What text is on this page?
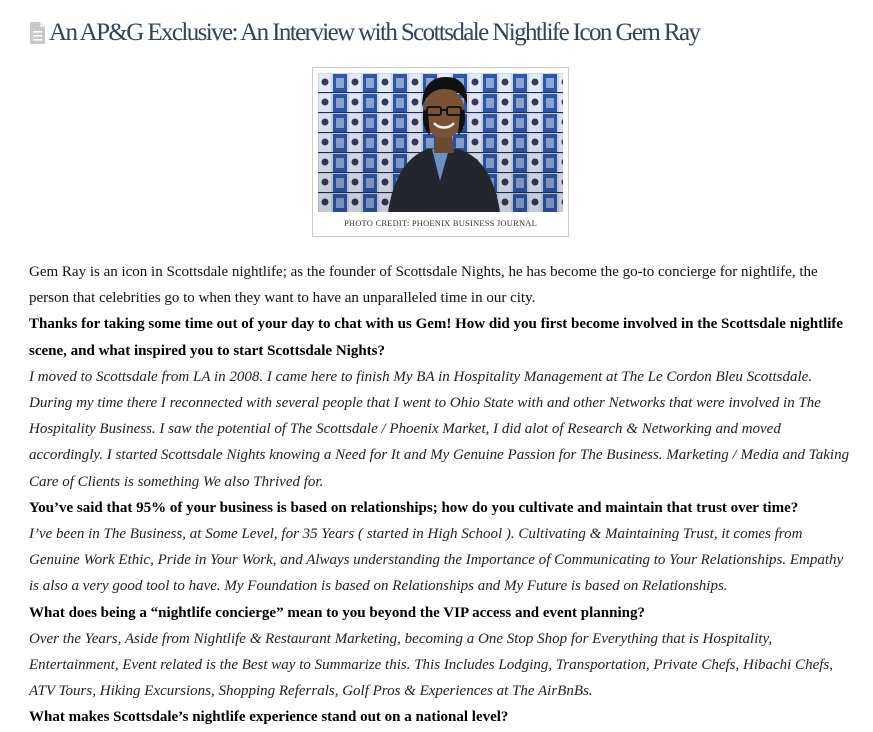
An AP&G Exclusive: An Interview with Scottsdale Nightlife Icon Gem Ray
PHOTO CREDIT: PHOENIX BUSINESS JOURNAL

Gem Ray is an icon in Scottsdale nightlife; as the founder of Scottsdale Nights, he has become the go-to concierge for nightlife, the person that celebrities go to when they want to have an unparalleled time in our city.

Thanks for taking some time out of your day to chat with us Gem! How did you first become involved in the Scottsdale nightlife scene, and what inspired you to start Scottsdale Nights?

I moved to Scottsdale from LA in 2008. I came here to finish My BA in Hospitality Management at The Le Cordon Bleu Scottsdale. During my time there I reconnected with several people that I went to Ohio State with and other Networks that were involved in The Hospitality Business. I saw the potential of The Scottsdale / Phoenix Market, I did alot of Research & Networking and moved accordingly. I started Scottsdale Nights knowing a Need for It and My Genuine Passion for The Business. Marketing / Media and Taking Care of Clients is something We also Thrived for.

You’ve said that 95% of your business is based on relationships; how do you cultivate and maintain that trust over time?

I’ve been in The Business, at Some Level, for 35 Years ( started in High School ). Cultivating & Maintaining Trust, it comes from Genuine Work Ethic, Pride in Your Work, and Always understanding the Importance of Communicating to Your Relationships. Empathy is also a very good tool to have. My Foundation is based on Relationships and My Future is based on Relationships.

What does being a “nightlife concierge” mean to you beyond the VIP access and event planning?

Over the Years, Aside from Nightlife & Restaurant Marketing, becoming a One Stop Shop for Everything that is Hospitality, Entertainment, Event related is the Best way to Summarize this. This Includes Lodging, Transportation, Private Chefs, Hibachi Chefs, ATV Tours, Hiking Excursions, Shopping Referrals, Golf Pros & Experiences at The AirBnBs.

What makes Scottsdale’s nightlife experience stand out on a national level?
